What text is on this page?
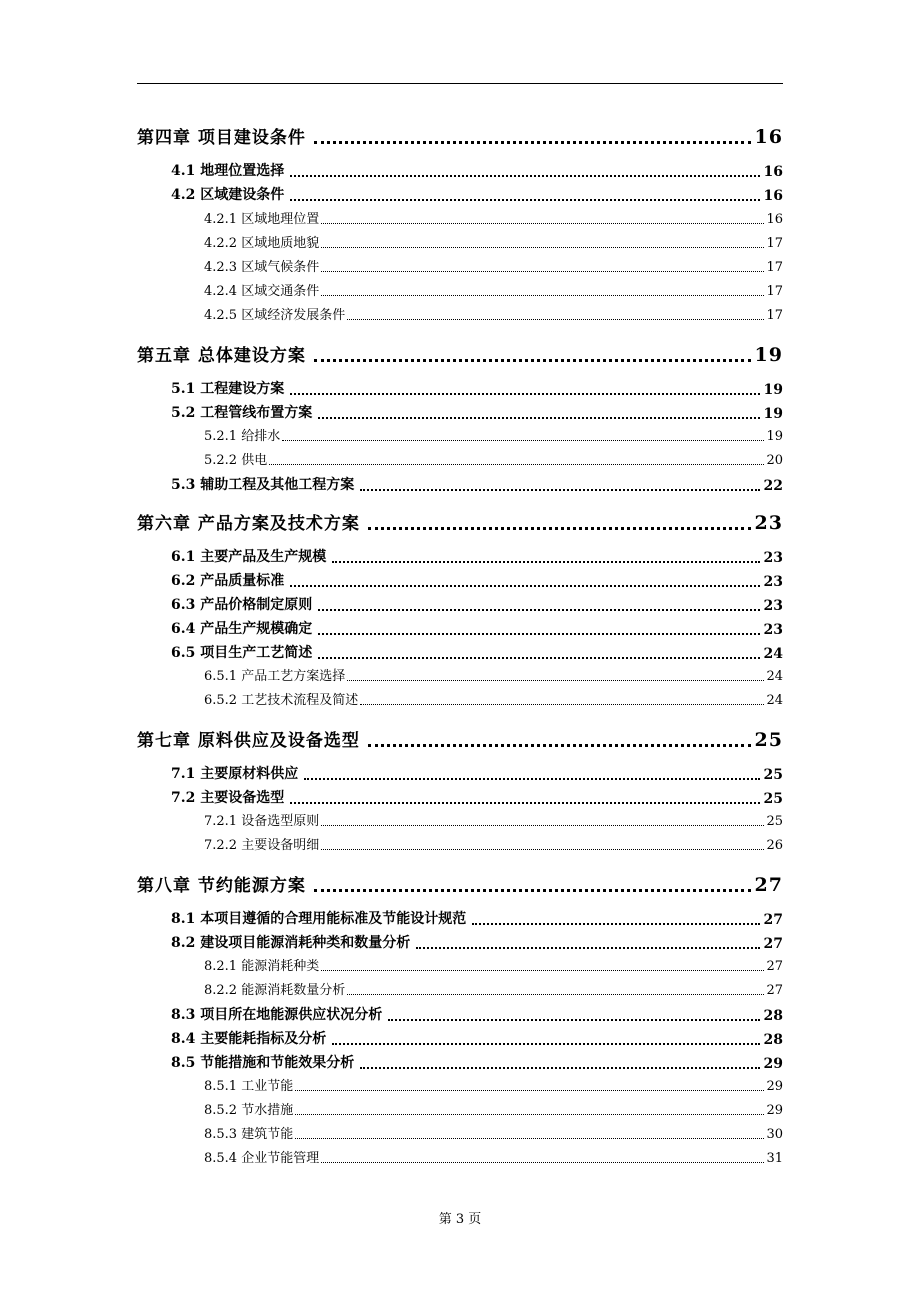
第四章 项目建设条件	16
4.1 地理位置选择	16
4.2 区域建设条件	16
4.2.1 区域地理位置	16
4.2.2 区域地质地貌	17
4.2.3 区域气候条件	17
4.2.4 区域交通条件	17
4.2.5 区域经济发展条件	17
第五章 总体建设方案	19
5.1 工程建设方案	19
5.2 工程管线布置方案	19
5.2.1 给排水	19
5.2.2 供电	20
5.3 辅助工程及其他工程方案	22
第六章 产品方案及技术方案	23
6.1 主要产品及生产规模	23
6.2 产品质量标准	23
6.3 产品价格制定原则	23
6.4 产品生产规模确定	23
6.5 项目生产工艺简述	24
6.5.1 产品工艺方案选择	24
6.5.2 工艺技术流程及简述	24
第七章 原料供应及设备选型	25
7.1 主要原材料供应	25
7.2 主要设备选型	25
7.2.1 设备选型原则	25
7.2.2 主要设备明细	26
第八章 节约能源方案	27
8.1 本项目遵循的合理用能标准及节能设计规范	27
8.2 建设项目能源消耗种类和数量分析	27
8.2.1 能源消耗种类	27
8.2.2 能源消耗数量分析	27
8.3 项目所在地能源供应状况分析	28
8.4 主要能耗指标及分析	28
8.5 节能措施和节能效果分析	29
8.5.1 工业节能	29
8.5.2 节水措施	29
8.5.3 建筑节能	30
8.5.4 企业节能管理	31
第 3 页
